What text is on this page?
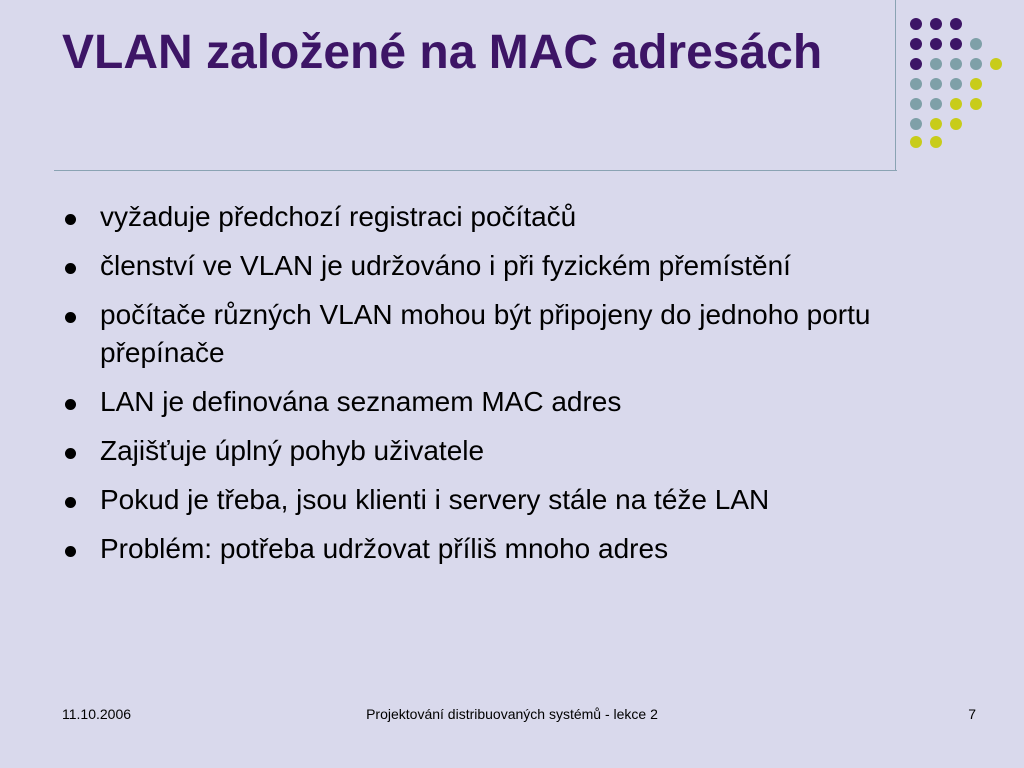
VLAN založené na MAC adresách
vyžaduje předchozí registraci počítačů
členství ve VLAN je udržováno i při fyzickém přemístění
počítače různých VLAN mohou být připojeny do jednoho portu přepínače
LAN je definována seznamem MAC adres
Zajišťuje úplný pohyb uživatele
Pokud je třeba, jsou klienti i servery stále na téže LAN
Problém: potřeba udržovat příliš mnoho adres
11.10.2006	Projektování distribuovaných systémů - lekce 2	7
